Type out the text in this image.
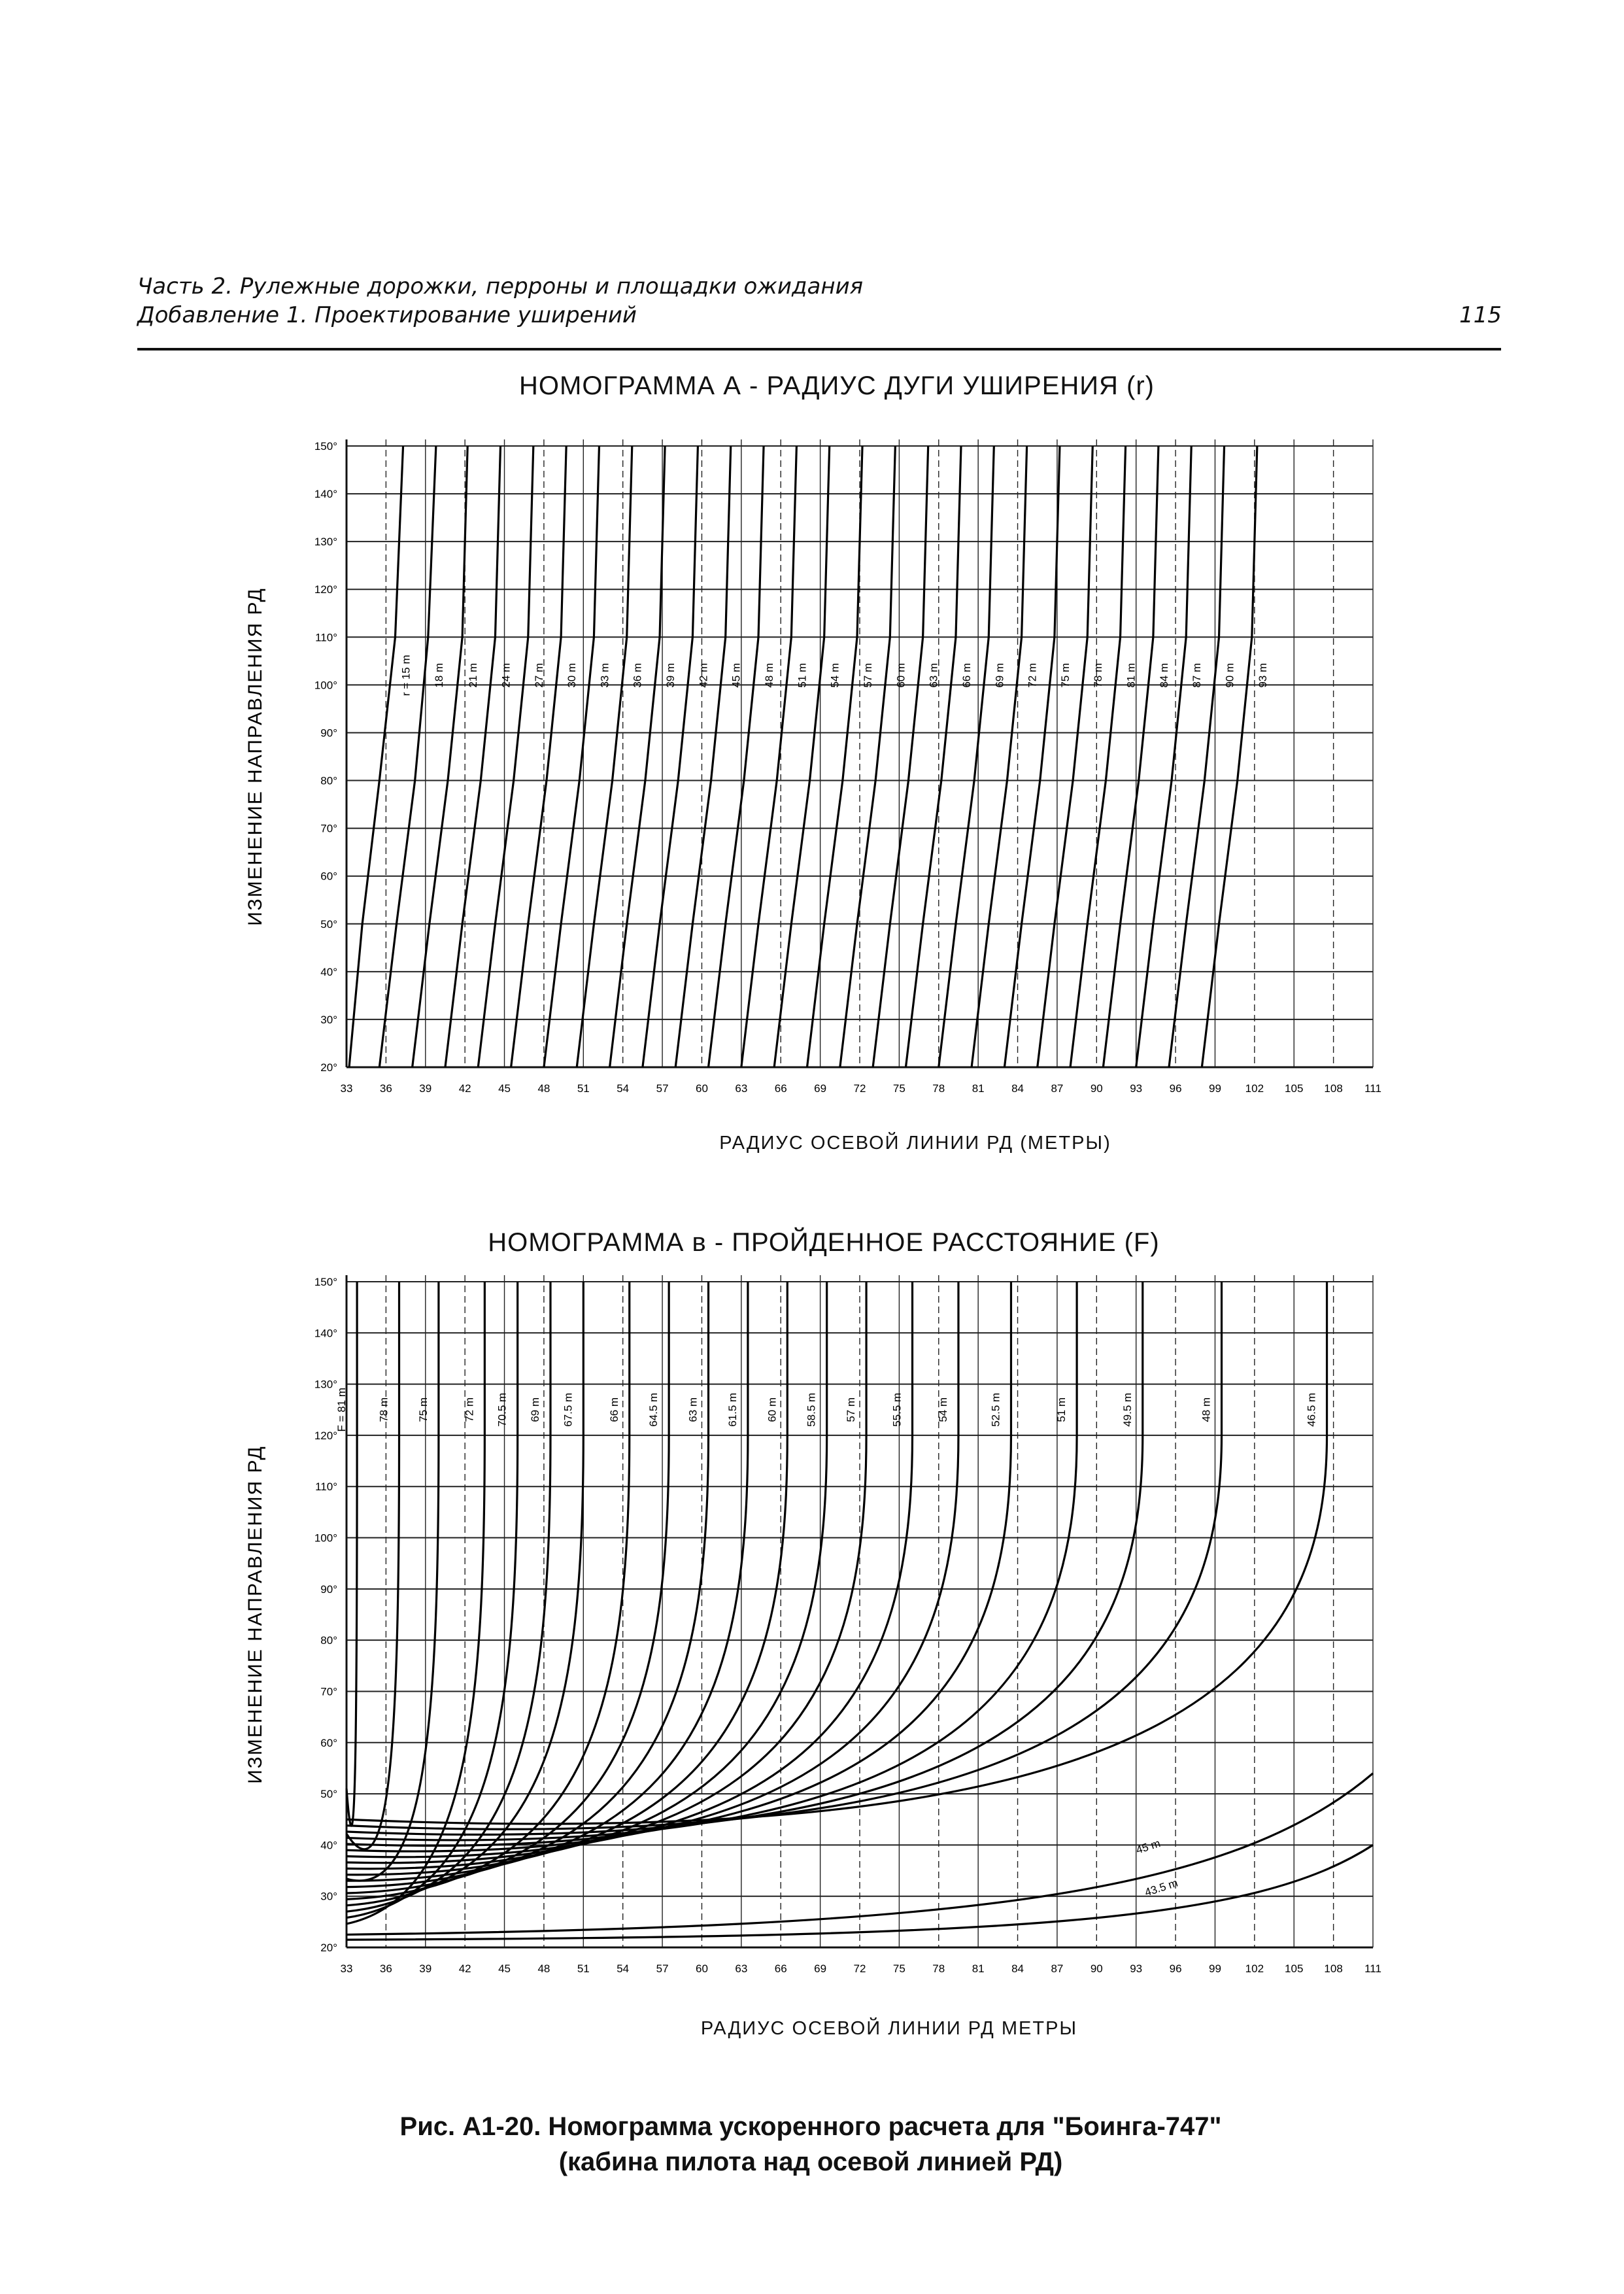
Часть 2. Рулежные дорожки, перроны и площадки ожидания
Добавление 1. Проектирование уширений	115
НОМОГРАММА А - РАДИУС ДУГИ УШИРЕНИЯ (r)
33 36 39 42 45 48 51 54 57 60 63 66 69 72 75 78 81 84 87 90 93 96 99 102 105 108 111
20°
30°
40°
50°
60°
70°
80°
90°
100°
110°
120°
130°
140°
150°
ИЗМЕНЕНИЕ НАПРАВЛЕНИЯ РД	r = 15 m 18 m 21 m 24 m 27 m 30 m 33 m 36 m 39 m 42 m 45 m 48 m 51 m 54 m 57 m 60 m 63 m 66 m 69 m 72 m 75 m 78 m 81 m 84 m 87 m 90 m 93 m
РАДИУС ОСЕВОЙ ЛИНИИ РД (МЕТРЫ)
НОМОГРАММА в - ПРОЙДЕННОЕ РАССТОЯНИЕ (F)
33 36 39 42 45 48 51 54 57 60 63 66 69 72 75 78 81 84 87 90 93 96 99 102 105 108 111
20°
30°
40°
50°
60°
70°
80°
90°
100°
110°
120°
130°
140°
150°
ИЗМЕНЕНИЕ НАПРАВЛЕНИЯ РД
F = 81 m	78 m 75 m	72 m 70.5 m 69 m 67.5 m	66 m 64.5 m 63 m 61.5 m 60 m 58.5 m 57 m	55.5 m	54 m	52.5 m	51 m	49.5 m	48 m	46.5 m
45 m
43.5 m
РАДИУС ОСЕВОЙ ЛИНИИ РД МЕТРЫ
Рис. А1-20. Номограмма ускоренного расчета для "Боинга-747"
(кабина пилота над осевой линией РД)
